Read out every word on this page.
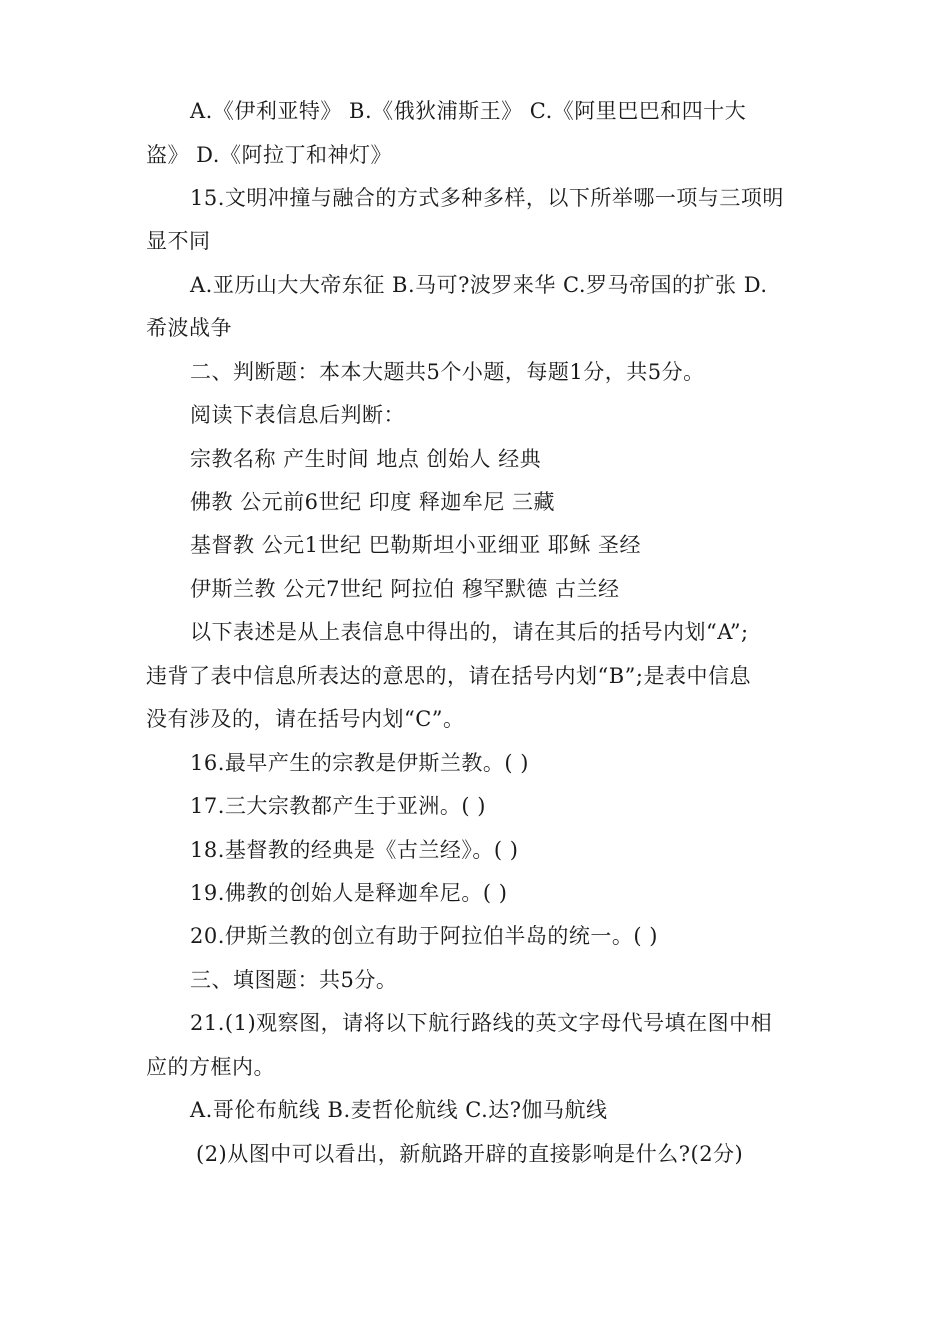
A.《伊利亚特》 B.《俄狄浦斯王》 C.《阿里巴巴和四十大
盗》 D.《阿拉丁和神灯》
15.文明冲撞与融合的方式多种多样，以下所举哪一项与三项明
显不同
A.亚历山大大帝东征 B.马可?波罗来华 C.罗马帝国的扩张 D.
希波战争
二、判断题：本本大题共5个小题，每题1分，共5分。
阅读下表信息后判断：
宗教名称 产生时间 地点 创始人 经典
佛教 公元前6世纪 印度 释迦牟尼 三藏
基督教 公元1世纪 巴勒斯坦小亚细亚 耶稣 圣经
伊斯兰教 公元7世纪 阿拉伯 穆罕默德 古兰经
以下表述是从上表信息中得出的，请在其后的括号内划“A”;
违背了表中信息所表达的意思的，请在括号内划“B”;是表中信息
没有涉及的，请在括号内划“C”。
16.最早产生的宗教是伊斯兰教。( )
17.三大宗教都产生于亚洲。( )
18.基督教的经典是《古兰经》。( )
19.佛教的创始人是释迦牟尼。( )
20.伊斯兰教的创立有助于阿拉伯半岛的统一。( )
三、填图题：共5分。
21.(1)观察图，请将以下航行路线的英文字母代号填在图中相
应的方框内。
A.哥伦布航线 B.麦哲伦航线 C.达?伽马航线
(2)从图中可以看出，新航路开辟的直接影响是什么?(2分)
